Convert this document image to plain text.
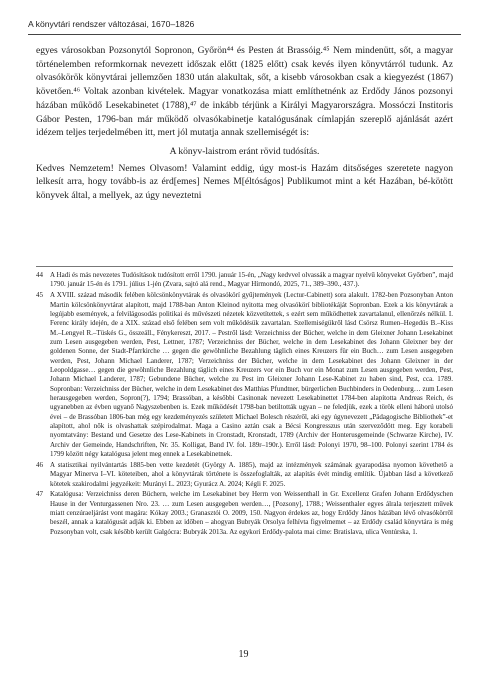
A könyvtári rendszer változásai, 1670–1826

egyes városokban Pozsonytól Sopronon, Győrön⁴⁴ és Pesten át Brassóig.⁴⁵ Nem mindenütt, sőt, a magyar történelemben reformkornak nevezett időszak előtt (1825 előtt) csak kevés ilyen könyvtárról tudunk. Az olvasókörök könyvtárai jellemzően 1830 után alakultak, sőt, a kisebb városokban csak a kiegyezést (1867) követően.⁴⁶ Voltak azonban kivételek. Magyar vonatkozása miatt említhetnénk az Erdődy János pozsonyi házában működő Lesekabinetet (1788),⁴⁷ de inkább térjünk a Királyi Magyarországra. Mossóczi Institoris Gábor Pesten, 1796-ban már működő olvasókabinetje katalógusának címlapján szereplő ajánlását azért idézem teljes terjedelmében itt, mert jól mutatja annak szellemiségét is:

A könyv-laistrom eránt rövid tudósítás.

Kedves Nemzetem! Nemes Olvasom! Valamint eddig, úgy most-is Hazám ditsőséges szeretete nagyon lelkesít arra, hogy tovább-is az érd[emes] Nemes M[éltóságos] Publikumot mint a két Hazában, bé-kötött könyvek által, a mellyek, az úgy neveztetni

44 A Hadi és más nevezetes Tudósítások tudósított erről 1790. január 15-én, „Nagy kedvvel olvassák a magyar nyelvű könyveket Győrben”, majd 1790. január 15-én és 1791. július 1-jén (Zvara, sajtó alá rend., Magyar Hírmondó, 2025, 71., 389–390., 437.).
45 A XVIII. század második felében kölcsönkönyvtárak és olvasókörí gyűjtemények (Lectur-Cabinett) sora alakult. 1782-ben Pozsonyban Anton Martin kölcsönkönyvtárat alapított, majd 1788-ban Anton Kleinod nyitotta meg olvasókörí bibliotékáját Sopronban. Ezek a kis könyvtárak a legújabb események, a felvilágosodás politikai és művészeti nézetek közvetítettek, s ezért sem működhettek zavartalanul, ellenőrzés nélkül. I. Ferenc király idején, de a XIX. század első felében sem volt működésük zavartalan. Szellemiségükről lásd Csörsz Rumen–Hegedüs B.–Kiss M.–Lengyel R.–Tüskés G., összeáll., Fénykereszt, 2017. – Pestről lásd: Verzeichniss der Bücher, welche in dem Gleixner Johann Lesekabinet zum Lesen ausgegeben werden, Pest, Lettner, 1787; Verzeichniss der Bücher, welche in dem Lesekabinet des Johann Gleixner bey der goldenen Sonne, der Stadt-Pfarrkirche … gegen die gewöhnliche Bezahlung täglich eines Kreuzers für ein Buch… zum Lesen ausgegeben werden, Pest, Johann Michael Landerer, 1787; Verzeichniss der Bücher, welche in dem Lesekabinet des Johann Gleixner in der Leopoldgasse… gegen die gewöhnliche Bezahlung täglich eines Kreuzers vor ein Buch vor ein Monat zum Lesen ausgegeben werden, Pest, Johann Michael Landerer, 1787; Gebundene Bücher, welche zu Pest im Gleixner Johann Lese-Kabinet zu haben sind, Pest, cca. 1789. Sopronban: Verzeichniss der Bücher, welche in dem Lesekabinet des Matthias Pfundtner, bürgerlichen Buchbinders in Oedenburg… zum Lesen herausgegeben werden, Sopron(?), 1794; Brassóban, a későbbi Casinonak nevezett Lesekabinettet 1784-ben alapította Andreas Reich, és ugyanebben az évben ugyanő Nagyszebenben is. Ezek működését 1798-ban betiltották ugyan – ne feledjük, ezek a török elleni háború utolsó évei – de Brassóban 1806-ban még egy kezdeményezés született Michael Bolesch részéről, aki egy úgynevezett „Pädagogische Bibliothek”-et alapított, ahol nők is olvashattak szépirodalmat. Maga a Casino aztán csak a Bécsi Kongresszus után szerveződött meg. Egy korabeli nyomtatvány: Bestand und Gesetze des Lese-Kabinets in Cronstadt, Kronstadt, 1789 (Archiv der Honterusgemeinde (Schwarze Kirche), IV. Archiv der Gemeinde, Handschriften, Nr. 35. Kolligat, Band IV. fol. 189r–190r.). Erről lásd: Polonyi 1970, 98–100. Polonyi szerint 1784 és 1799 között négy katalógusa jelent meg ennek a Lesekabinetnek.
46 A statisztikai nyilvántartás 1885-ben vette kezdetét (György A. 1885), majd az intézmények számának gyarapodása nyomon követhető a Magyar Minerva I–VI. köteteiben, ahol a könyvtárak története is összefoglalták, az alapítás évét mindig említik. Újabban lásd a következő kötetek szakirodalmi jegyzékeit: Murányi L. 2023; Gyurácz A. 2024; Kégli F. 2025.
47 Katalógusa: Verzeichniss deren Büchern, welche im Lesekabinet bey Herrn von Weissenthall in Gr. Excellenz Grafen Johann Erdődyschen Hause in der Venturgassenen Nro. 23. … zum Lesen ausgegeben werden…, [Pozsony], 1788.; Weissenthaler egyes álrala terjesztett művek miatt cenzúraeljárást vont magára: Kókay 2003.; Granasztói O. 2009, 150. Nagyon érdekes az, hogy Erdődy János házában lévő olvasókörről beszél, annak a katalógusát adják ki. Ebben az időben – ahogyan Bubryák Orsolya felhívta figyelmemet – az Erdődy család könyvtára is még Pozsonyban volt, csak később került Galgócra: Bubryák 2013a. Az egykori Erdődy-palota mai címe: Bratislava, ulica Ventúrska, 1.
19
